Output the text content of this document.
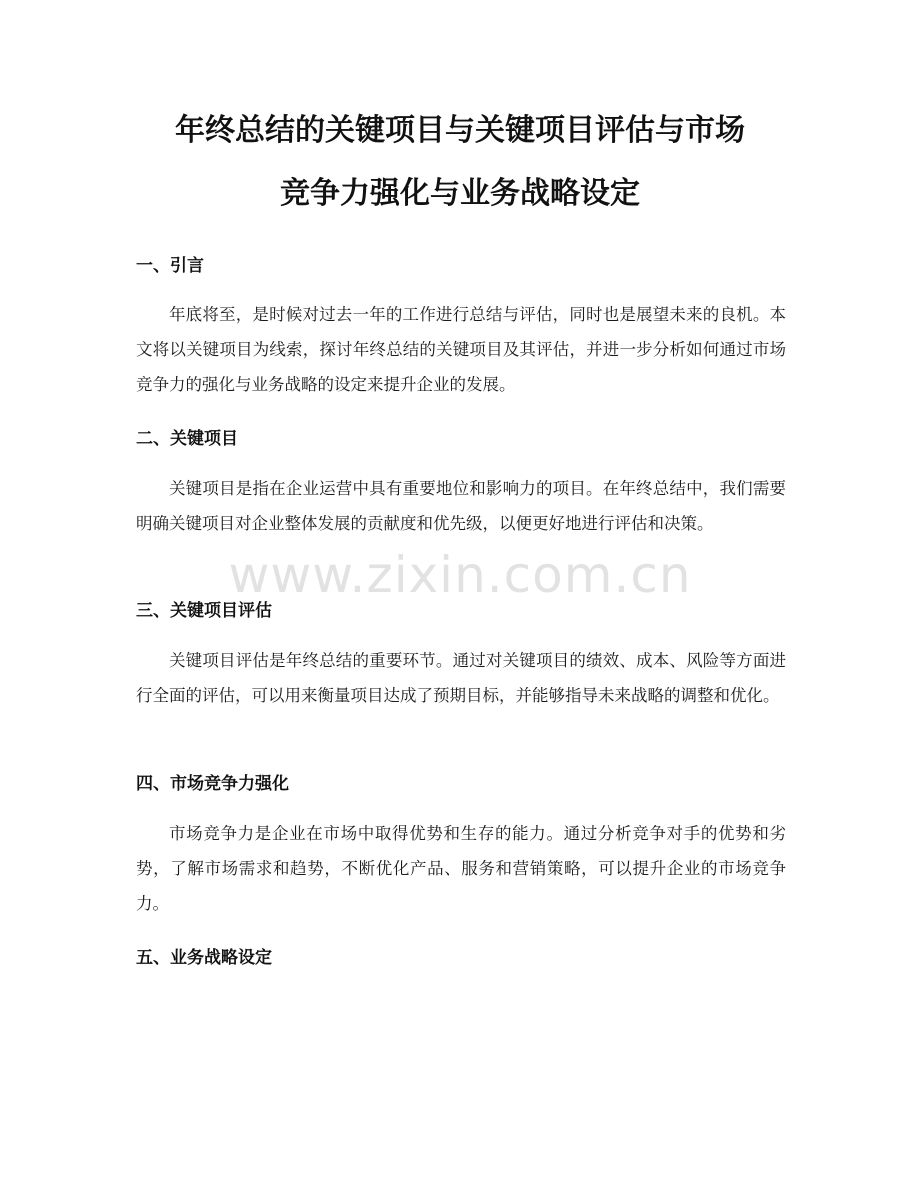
年终总结的关键项目与关键项目评估与市场
竞争力强化与业务战略设定
一、引言

年底将至，是时候对过去一年的工作进行总结与评估，同时也是展望未来的良机。本文将以关键项目为线索，探讨年终总结的关键项目及其评估，并进一步分析如何通过市场竞争力的强化与业务战略的设定来提升企业的发展。

二、关键项目

关键项目是指在企业运营中具有重要地位和影响力的项目。在年终总结中，我们需要明确关键项目对企业整体发展的贡献度和优先级，以便更好地进行评估和决策。

三、关键项目评估

关键项目评估是年终总结的重要环节。通过对关键项目的绩效、成本、风险等方面进行全面的评估，可以用来衡量项目达成了预期目标，并能够指导未来战略的调整和优化。

四、市场竞争力强化

市场竞争力是企业在市场中取得优势和生存的能力。通过分析竞争对手的优势和劣势，了解市场需求和趋势，不断优化产品、服务和营销策略，可以提升企业的市场竞争力。

五、业务战略设定
www.zixin.com.cn
